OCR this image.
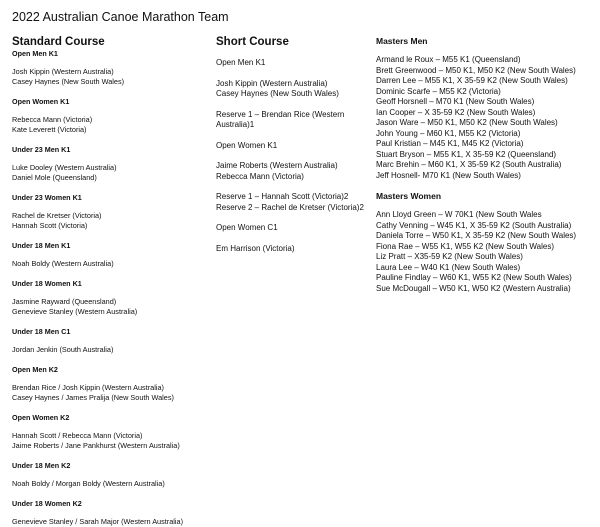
2022 Australian Canoe Marathon Team
Standard Course
Open Men K1
Josh Kippin (Western Australia)
Casey Haynes (New South Wales)
Open Women K1
Rebecca Mann (Victoria)
Kate Leverett (Victoria)
Under 23 Men K1
Luke Dooley (Western Australia)
Daniel Mole (Queensland)
Under 23 Women K1
Rachel de Kretser (Victoria)
Hannah Scott (Victoria)
Under 18 Men K1
Noah Boldy (Western Australia)
Under 18 Women K1
Jasmine Rayward (Queensland)
Genevieve Stanley (Western Australia)
Under 18 Men C1
Jordan Jenkin (South Australia)
Open Men K2
Brendan Rice / Josh Kippin (Western Australia)
Casey Haynes / James Pralija (New South Wales)
Open Women K2
Hannah Scott / Rebecca Mann (Victoria)
Jaime Roberts / Jane Pankhurst (Western Australia)
Under 18 Men K2
Noah Boldy / Morgan Boldy (Western Australia)
Under 18 Women K2
Genevieve Stanley / Sarah Major (Western Australia)
Short Course
Open Men K1
Josh Kippin (Western Australia)
Casey Haynes (New South Wales)
Reserve 1 – Brendan Rice (Western Australia)1
Open Women K1
Jaime Roberts (Western Australia)
Rebecca Mann (Victoria)
Reserve 1 – Hannah Scott (Victoria)2
Reserve 2 – Rachel de Kretser (Victoria)2
Open Women C1
Em Harrison (Victoria)
Masters Men
Armand le Roux – M55 K1 (Queensland)
Brett Greenwood – M50 K1, M50 K2 (New South Wales)
Darren Lee – M55 K1, X 35-59 K2 (New South Wales)
Dominic Scarfe – M55 K2 (Victoria)
Geoff Horsnell – M70 K1 (New South Wales)
Ian Cooper – X 35-59 K2 (New South Wales)
Jason Ware – M50 K1, M50 K2 (New South Wales)
John Young – M60 K1, M55 K2 (Victoria)
Paul Kristian – M45 K1, M45 K2 (Victoria)
Stuart Bryson – M55 K1, X 35-59 K2 (Queensland)
Marc Brehin – M60 K1, X 35-59 K2 (South Australia)
Jeff Hosnell- M70 K1 (New South Wales)
Masters Women
Ann Lloyd Green – W 70K1 (New South Wales
Cathy Venning – W45 K1, X 35-59 K2 (South Australia)
Daniela Torre – W50 K1, X 35-59 K2 (New South Wales)
Fiona Rae – W55 K1, W55 K2 (New South Wales)
Liz Pratt – X35-59 K2 (New South Wales)
Laura Lee – W40 K1 (New South Wales)
Pauline Findlay – W60 K1, W55 K2 (New South Wales)
Sue McDougall – W50 K1, W50 K2 (Western Australia)
